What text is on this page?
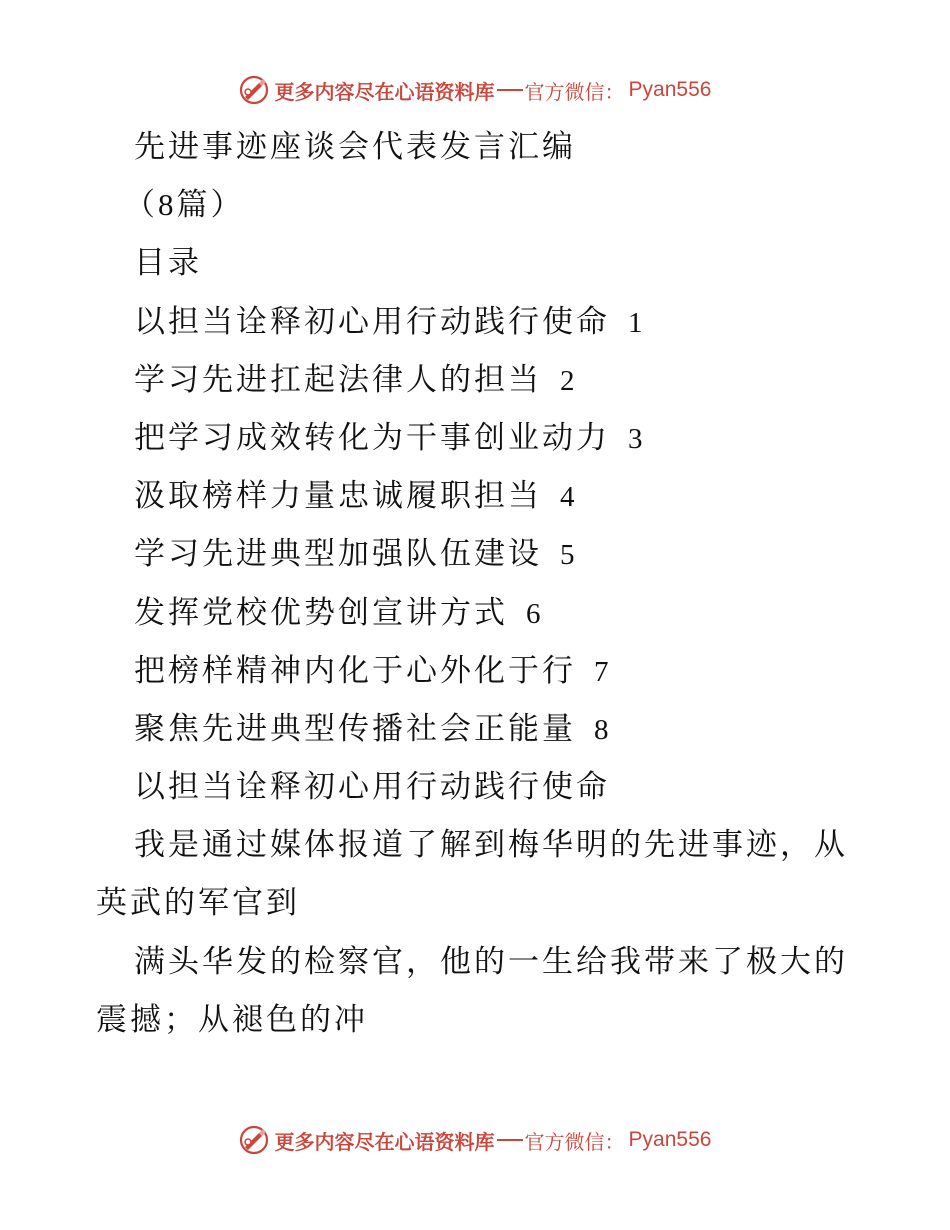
更多内容尽在心语资料库 官方微信： Pyan556
先进事迹座谈会代表发言汇编
（8篇）
目录
以担当诠释初心用行动践行使命 1
学习先进扛起法律人的担当 2
把学习成效转化为干事创业动力 3
汲取榜样力量忠诚履职担当 4
学习先进典型加强队伍建设 5
发挥党校优势创宣讲方式 6
把榜样精神内化于心外化于行 7
聚焦先进典型传播社会正能量 8
以担当诠释初心用行动践行使命
我是通过媒体报道了解到梅华明的先进事迹，从
英武的军官到
满头华发的检察官，他的一生给我带来了极大的
震撼；从褪色的冲
更多内容尽在心语资料库 官方微信： Pyan556
